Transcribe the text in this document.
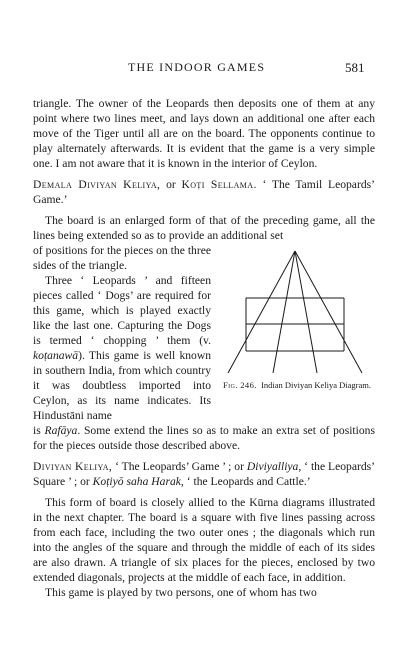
THE INDOOR GAMES	581

triangle. The owner of the Leopards then deposits one of them at any point where two lines meet, and lays down an additional one after each move of the Tiger until all are on the board. The opponents continue to play alternately afterwards. It is evident that the game is a very simple one. I am not aware that it is known in the interior of Ceylon.

Demala Diviyan Keliya, or Koṭi Sellama. ‘ The Tamil Leopards’ Game.’

The board is an enlarged form of that of the preceding game, all the lines being extended so as to provide an additional set

of positions for the pieces on the three sides of the triangle.

Three ‘ Leopards ’ and fifteen pieces called ‘ Dogs’ are required for this game, which is played exactly like the last one. Capturing the Dogs is termed ‘ chopping ’ them (v. koṭanawā). This game is well known in southern India, from which country it was doubtless imported into Ceylon, as its name indicates. Its Hindustāni name

Fig. 246. Indian Diviyan Keliya Diagram.

is Rafāya. Some extend the lines so as to make an extra set of positions for the pieces outside those described above.

Diviyan Keliya, ‘ The Leopards’ Game ’ ; or Diviyalliya, ‘ the Leopards’ Square ’ ; or Koṭiyō saha Harak, ‘ the Leopards and Cattle.’

This form of board is closely allied to the Kūrna diagrams illustrated in the next chapter. The board is a square with five lines passing across from each face, including the two outer ones ; the diagonals which run into the angles of the square and through the middle of each of its sides are also drawn. A triangle of six places for the pieces, enclosed by two extended diagonals, projects at the middle of each face, in addition.

This game is played by two persons, one of whom has two
